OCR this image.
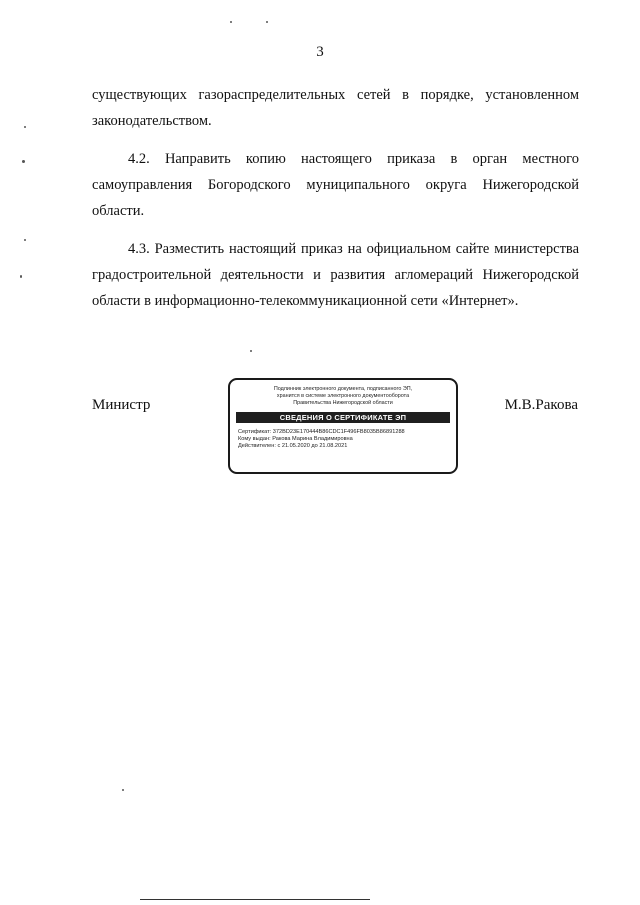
3

существующих газораспределительных сетей в порядке, установленном
законодательством.

4.2. Направить копию настоящего приказа в орган местного
самоуправления Богородского муниципального округа Нижегородской
области.

4.3. Разместить настоящий приказ на официальном сайте министерства
градостроительной деятельности и развития агломераций Нижегородской
области в информационно-телекоммуникационной сети «Интернет».

Министр
Подлинник электронного документа, подписанного ЭП,
хранится в системе электронного документооборота
Правительства Нижегородской области
СВЕДЕНИЯ О СЕРТИФИКАТЕ ЭП
Сертификат: 372BD23E170444B86CDC1F496FB8035B86891288
Кому выдан: Ракова Марина Владимировна
Действителен: с 21.05.2020 до 21.08.2021
М.В.Ракова
